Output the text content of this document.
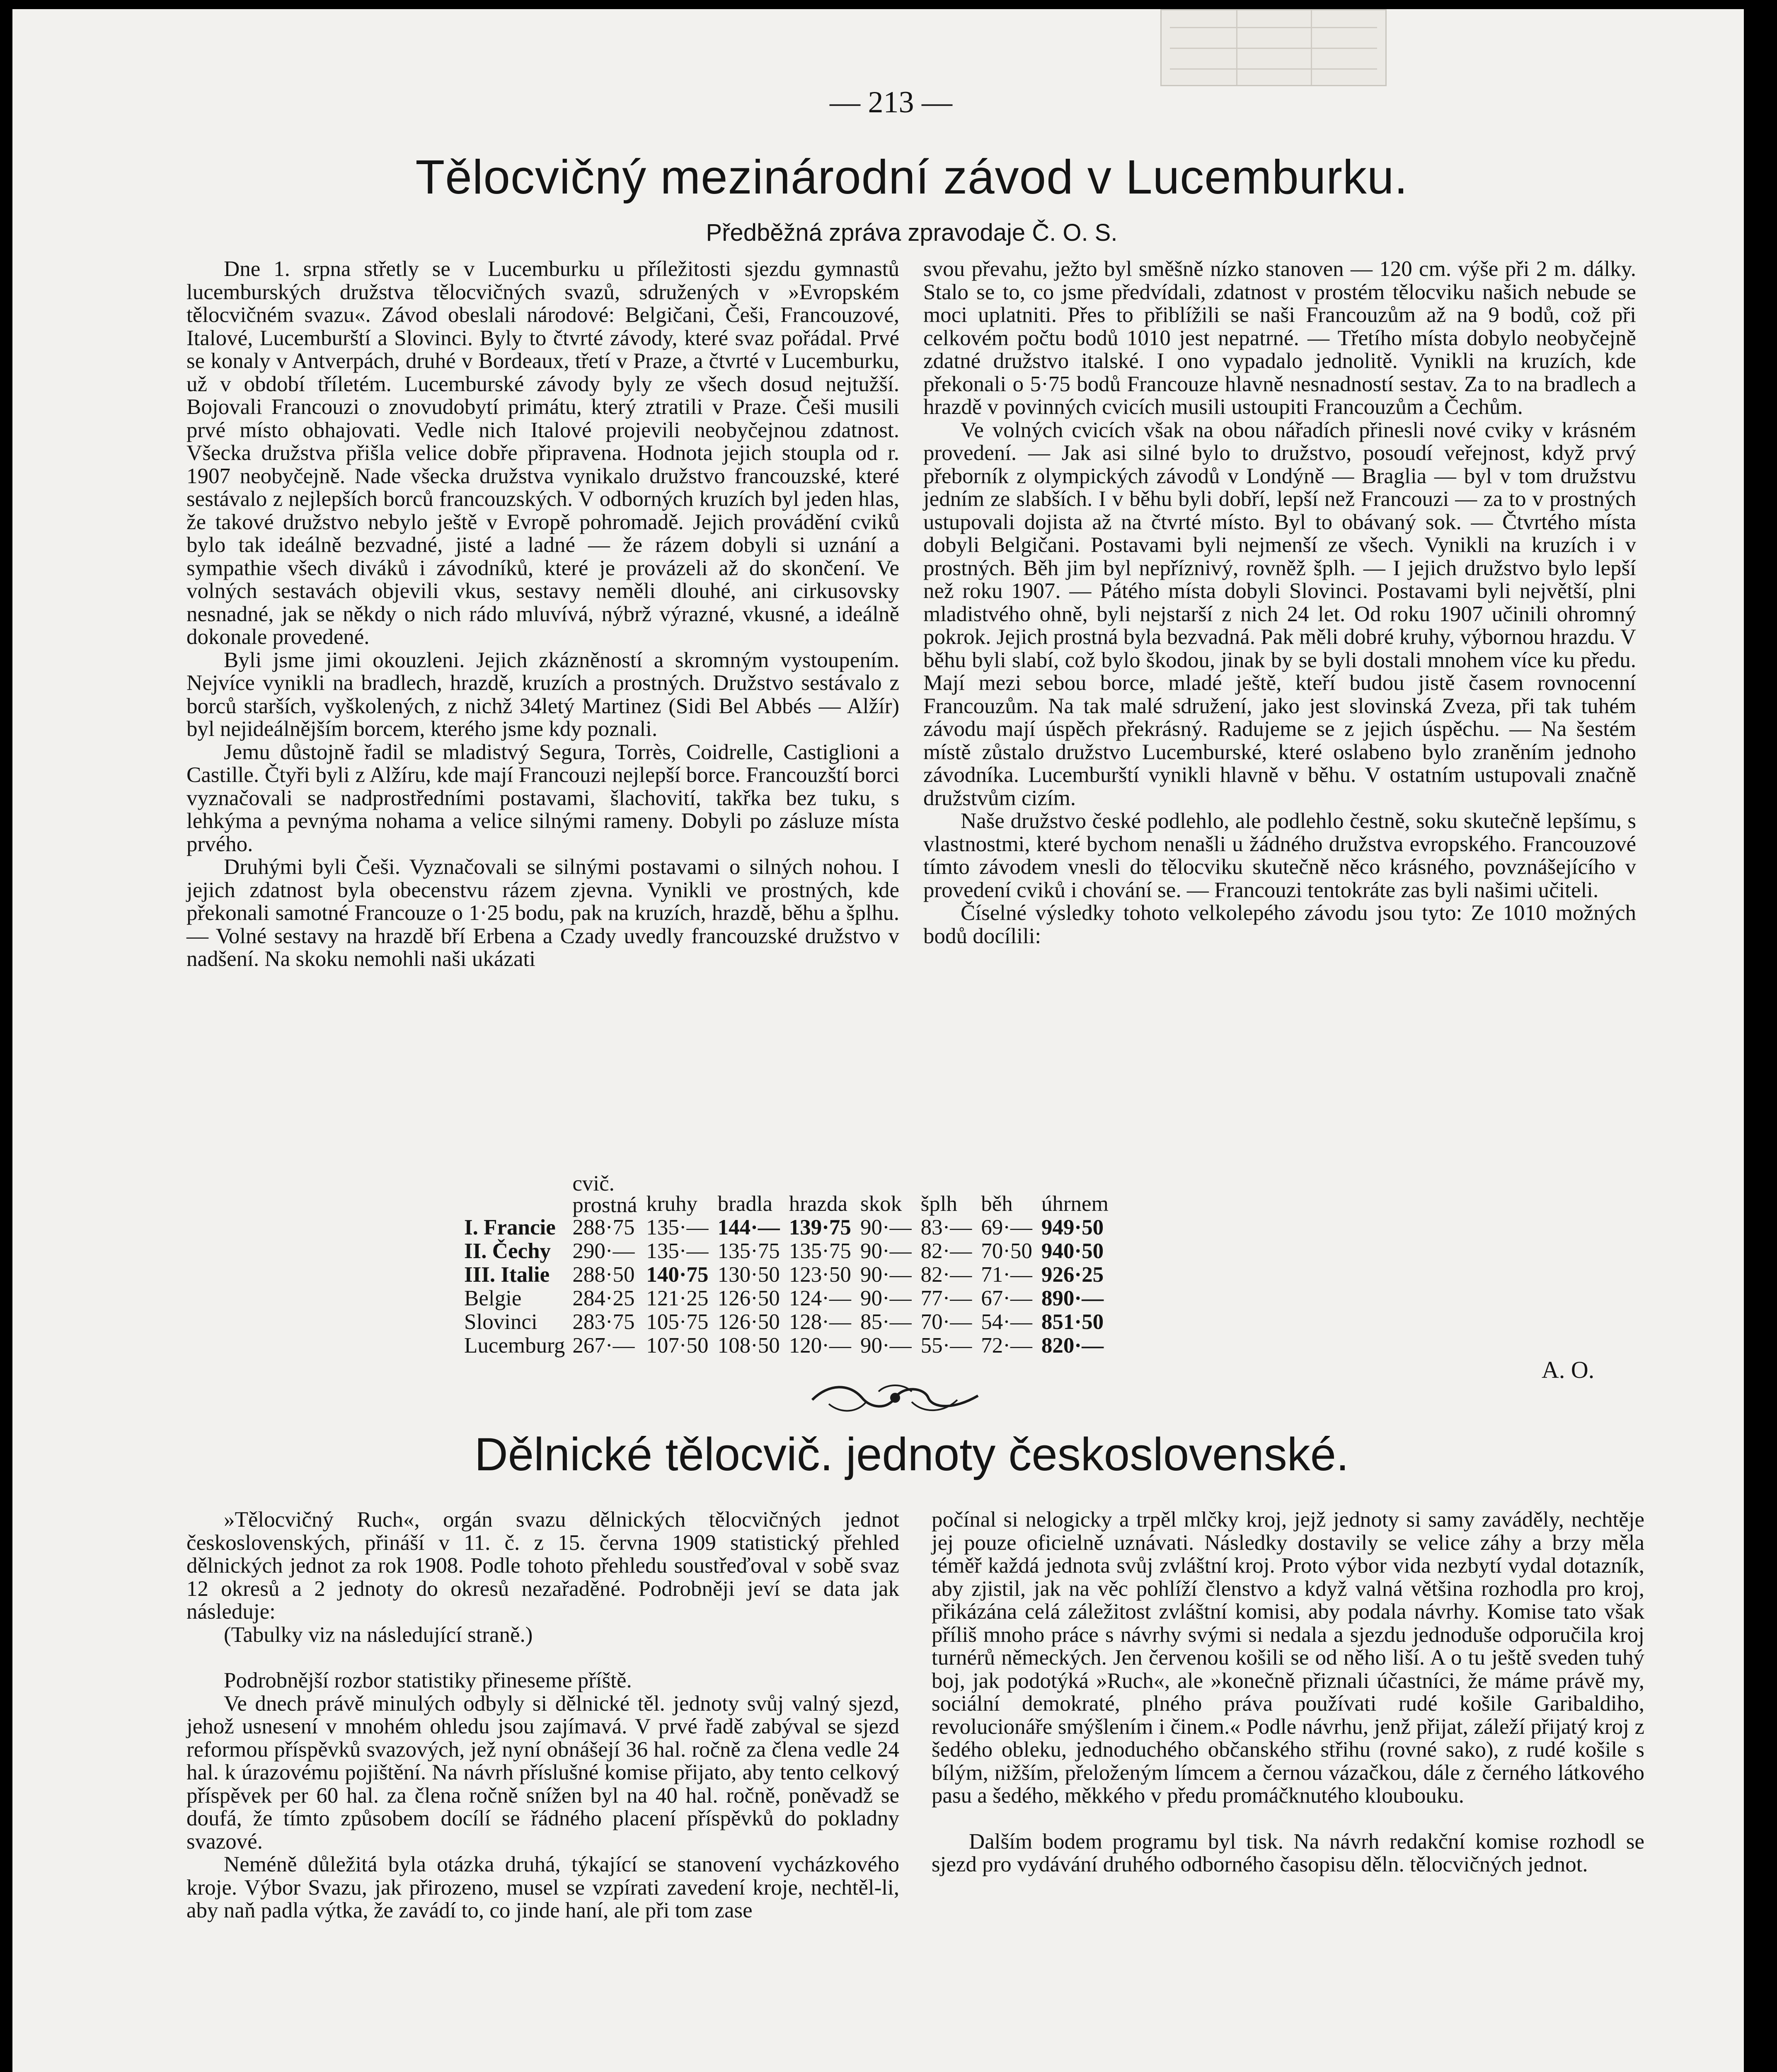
— 213 —
Tělocvičný mezinárodní závod v Lucemburku.
Předběžná zpráva zpravodaje Č. O. S.

Dne 1. srpna střetly se v Lucemburku u příležitosti sjezdu gymnastů lucemburských družstva tělocvičných svazů, sdružených v »Evropském tělocvičném svazu«. Závod obeslali národové: Belgičani, Češi, Francouzové, Italové, Lucemburští a Slovinci. Byly to čtvrté závody, které svaz pořádal. Prvé se konaly v Antverpách, druhé v Bordeaux, třetí v Praze, a čtvrté v Lucemburku, už v období tříletém. Lucemburské závody byly ze všech dosud nejtužší. Bojovali Francouzi o znovudobytí primátu, který ztratili v Praze. Češi musili prvé místo obhajovati. Vedle nich Italové projevili neobyčejnou zdatnost. Všecka družstva přišla velice dobře připravena. Hodnota jejich stoupla od r. 1907 neobyčejně. Nade všecka družstva vynikalo družstvo francouzské, které sestávalo z nejlepších borců francouzských. V odborných kruzích byl jeden hlas, že takové družstvo nebylo ještě v Evropě pohromadě. Jejich provádění cviků bylo tak ideálně bezvadné, jisté a ladné — že rázem dobyli si uznání a sympathie všech diváků i závodníků, které je provázeli až do skončení. Ve volných sestavách objevili vkus, sestavy neměli dlouhé, ani cirkusovsky nesnadné, jak se někdy o nich rádo mluvívá, nýbrž výrazné, vkusné, a ideálně dokonale provedené.

Byli jsme jimi okouzleni. Jejich zkázněností a skromným vystoupením. Nejvíce vynikli na bradlech, hrazdě, kruzích a prostných. Družstvo sestávalo z borců starších, vyškolených, z nichž 34letý Martinez (Sidi Bel Abbés — Alžír) byl nejideálnějším borcem, kterého jsme kdy poznali.

Jemu důstojně řadil se mladistvý Segura, Torrès, Coidrelle, Castiglioni a Castille. Čtyři byli z Alžíru, kde mají Francouzi nejlepší borce. Francouzští borci vyznačovali se nadprostředními postavami, šlachovití, takřka bez tuku, s lehkýma a pevnýma nohama a velice silnými rameny. Dobyli po zásluze místa prvého.

Druhými byli Češi. Vyznačovali se silnými postavami o silných nohou. I jejich zdatnost byla obecenstvu rázem zjevna. Vynikli ve prostných, kde překonali samotné Francouze o 1·25 bodu, pak na kruzích, hrazdě, běhu a šplhu. — Volné sestavy na hrazdě bří Erbena a Czady uvedly francouzské družstvo v nadšení. Na skoku nemohli naši ukázati

svou převahu, ježto byl směšně nízko stanoven — 120 cm. výše při 2 m. dálky. Stalo se to, co jsme předvídali, zdatnost v prostém tělocviku našich nebude se moci uplatniti. Přes to přiblížili se naši Francouzům až na 9 bodů, což při celkovém počtu bodů 1010 jest nepatrné. — Třetího místa dobylo neobyčejně zdatné družstvo italské. I ono vypadalo jednolitě. Vynikli na kruzích, kde překonali o 5·75 bodů Francouze hlavně nesnadností sestav. Za to na bradlech a hrazdě v povinných cvicích musili ustoupiti Francouzům a Čechům.

Ve volných cvicích však na obou nářadích přinesli nové cviky v krásném provedení. — Jak asi silné bylo to družstvo, posoudí veřejnost, když prvý přeborník z olympických závodů v Londýně — Braglia — byl v tom družstvu jedním ze slabších. I v běhu byli dobří, lepší než Francouzi — za to v prostných ustupovali dojista až na čtvrté místo. Byl to obávaný sok. — Čtvrtého místa dobyli Belgičani. Postavami byli nejmenší ze všech. Vynikli na kruzích i v prostných. Běh jim byl nepříznivý, rovněž šplh. — I jejich družstvo bylo lepší než roku 1907. — Pátého místa dobyli Slovinci. Postavami byli největší, plni mladistvého ohně, byli nejstarší z nich 24 let. Od roku 1907 učinili ohromný pokrok. Jejich prostná byla bezvadná. Pak měli dobré kruhy, výbornou hrazdu. V běhu byli slabí, což bylo škodou, jinak by se byli dostali mnohem více ku předu. Mají mezi sebou borce, mladé ještě, kteří budou jistě časem rovnocenní Francouzům. Na tak malé sdružení, jako jest slovinská Zveza, při tak tuhém závodu mají úspěch překrásný. Radujeme se z jejich úspěchu. — Na šestém místě zůstalo družstvo Lucemburské, které oslabeno bylo zraněním jednoho závodníka. Lucemburští vynikli hlavně v běhu. V ostatním ustupovali značně družstvům cizím.

Naše družstvo české podlehlo, ale podlehlo čestně, soku skutečně lepšímu, s vlastnostmi, které bychom nenašli u žádného družstva evropského. Francouzové tímto závodem vnesli do tělocviku skutečně něco krásného, povznášejícího v provedení cviků i chování se. — Francouzi tentokráte zas byli našimi učiteli.

Číselné výsledky tohoto velkolepého závodu jsou tyto: Ze 1010 možných bodů docílili:

	cvič.
prostná	kruhy	bradla	hrazda	skok	šplh	běh	úhrnem
I. Francie	288·75	135·—	144·—	139·75	90·—	83·—	69·—	949·50
II. Čechy	290·—	135·—	135·75	135·75	90·—	82·—	70·50	940·50
III. Italie	288·50	140·75	130·50	123·50	90·—	82·—	71·—	926·25
Belgie	284·25	121·25	126·50	124·—	90·—	77·—	67·—	890·—
Slovinci	283·75	105·75	126·50	128·—	85·—	70·—	54·—	851·50
Lucemburg	267·—	107·50	108·50	120·—	90·—	55·—	72·—	820·—
A. O.
Dělnické tělocvič. jednoty československé.

»Tělocvičný Ruch«, orgán svazu dělnických tělocvičných jednot československých, přináší v 11. č. z 15. června 1909 statistický přehled dělnických jednot za rok 1908. Podle tohoto přehledu soustřeďoval v sobě svaz 12 okresů a 2 jednoty do okresů nezařaděné. Podrobněji jeví se data jak následuje:

(Tabulky viz na následující straně.)

Podrobnější rozbor statistiky přineseme příště.

Ve dnech právě minulých odbyly si dělnické těl. jednoty svůj valný sjezd, jehož usnesení v mnohém ohledu jsou zajímavá. V prvé řadě zabýval se sjezd reformou příspěvků svazových, jež nyní obnášejí 36 hal. ročně za člena vedle 24 hal. k úrazovému pojištění. Na návrh příslušné komise přijato, aby tento celkový příspěvek per 60 hal. za člena ročně snížen byl na 40 hal. ročně, poněvadž se doufá, že tímto způsobem docílí se řádného placení příspěvků do pokladny svazové.

Neméně důležitá byla otázka druhá, týkající se stanovení vycházkového kroje. Výbor Svazu, jak přirozeno, musel se vzpírati zavedení kroje, nechtěl-li, aby naň padla výtka, že zavádí to, co jinde haní, ale při tom zase

počínal si nelogicky a trpěl mlčky kroj, jejž jednoty si samy zaváděly, nechtěje jej pouze oficielně uznávati. Následky dostavily se velice záhy a brzy měla téměř každá jednota svůj zvláštní kroj. Proto výbor vida nezbytí vydal dotazník, aby zjistil, jak na věc pohlíží členstvo a když valná většina rozhodla pro kroj, přikázána celá záležitost zvláštní komisi, aby podala návrhy. Komise tato však příliš mnoho práce s návrhy svými si nedala a sjezdu jednoduše odporučila kroj turnérů německých. Jen červenou košili se od něho liší. A o tu ještě sveden tuhý boj, jak podotýká »Ruch«, ale »konečně přiznali účastníci, že máme právě my, sociální demokraté, plného práva používati rudé košile Garibaldiho, revolucionáře smýšlením i činem.« Podle návrhu, jenž přijat, záleží přijatý kroj z šedého obleku, jednoduchého občanského střihu (rovné sako), z rudé košile s bílým, nižším, přeloženým límcem a černou vázačkou, dále z černého látkového pasu a šedého, měkkého v předu promáčknutého kloubouku.

Dalším bodem programu byl tisk. Na návrh redakční komise rozhodl se sjezd pro vydávání druhého odborného časopisu děln. tělocvičných jednot.
